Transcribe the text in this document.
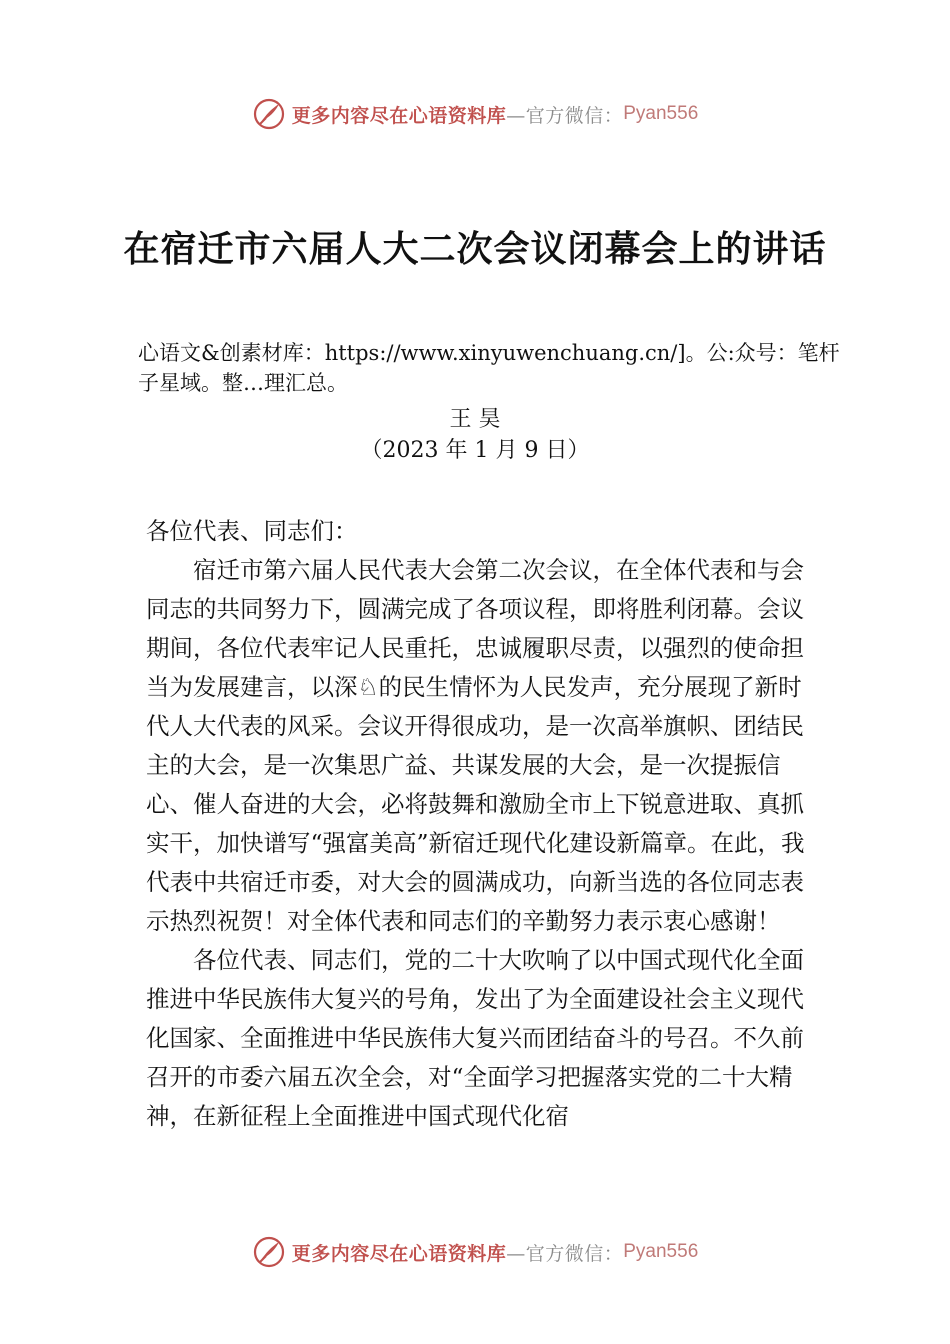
更多内容尽在心语资料库 —官方微信： Pyan556
在宿迁市六届人大二次会议闭幕会上的讲话
心语文&创素材库：https://www.xinyuwenchuang.cn/]。公:众号：笔杆子星域。整…理汇总。
王 昊
（2023 年 1 月 9 日）

各位代表、同志们：

宿迁市第六届人民代表大会第二次会议，在全体代表和与会同志的共同努力下，圆满完成了各项议程，即将胜利闭幕。会议期间，各位代表牢记人民重托，忠诚履职尽责，以强烈的使命担当为发展建言，以深♘的民生情怀为人民发声，充分展现了新时代人大代表的风采。会议开得很成功，是一次高举旗帜、团结民主的大会，是一次集思广益、共谋发展的大会，是一次提振信心、催人奋进的大会，必将鼓舞和激励全市上下锐意进取、真抓实干，加快谱写“强富美高”新宿迁现代化建设新篇章。在此，我代表中共宿迁市委，对大会的圆满成功，向新当选的各位同志表示热烈祝贺！对全体代表和同志们的辛勤努力表示衷心感谢！

各位代表、同志们，党的二十大吹响了以中国式现代化全面推进中华民族伟大复兴的号角，发出了为全面建设社会主义现代化国家、全面推进中华民族伟大复兴而团结奋斗的号召。不久前召开的市委六届五次全会，对“全面学习把握落实党的二十大精神，在新征程上全面推进中国式现代化宿

更多内容尽在心语资料库 —官方微信： Pyan556
